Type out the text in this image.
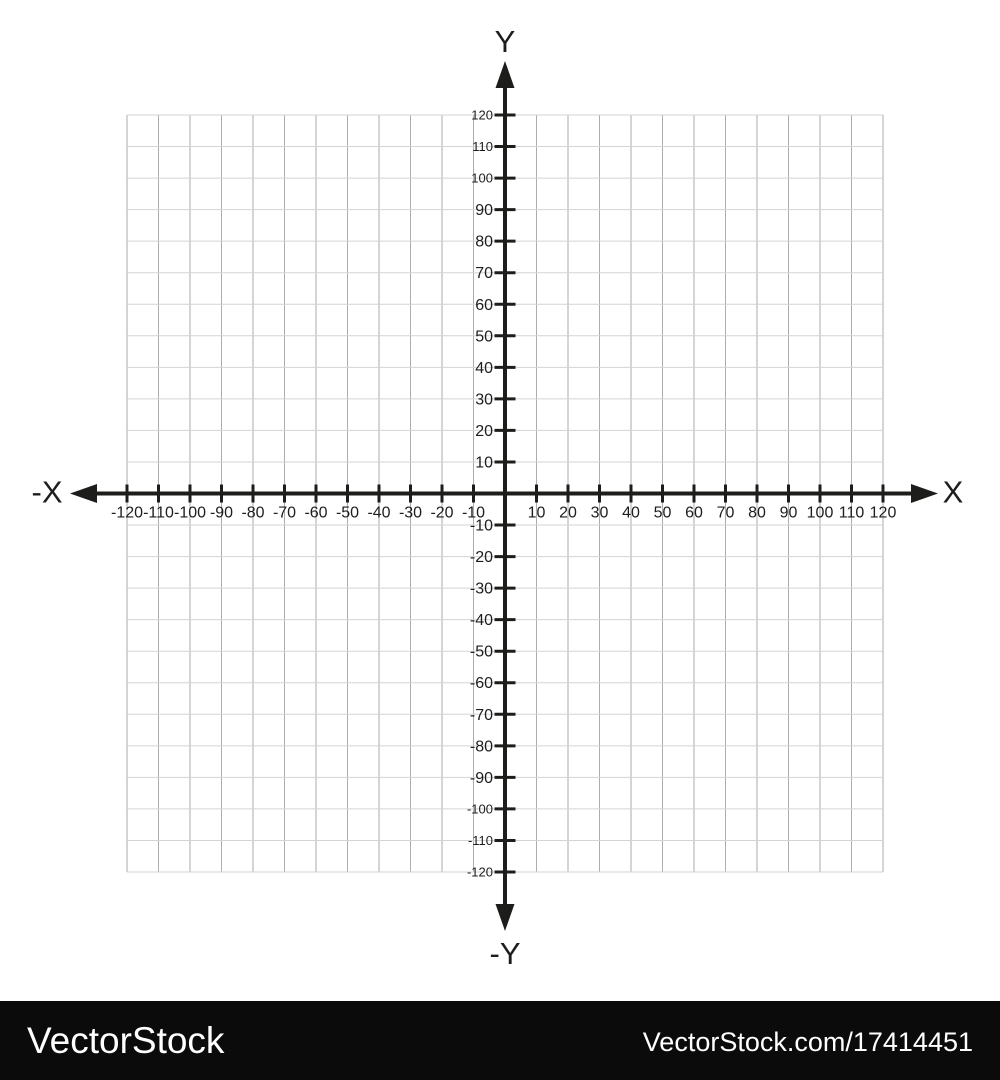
-120 -110 -100 -90 -80 -70 -60 -50 -40 -30 -20 -10	10 20 30 40 50 60 70 80 90 100 110 120
-120
-110
-100
-90
-80
-70
-60
-50
-40
-30
-20
-10
10
20
30
40
50
60
70
80
90
100
110
120
Y
-Y
-X	X
VectorStock	VectorStock.com/17414451
